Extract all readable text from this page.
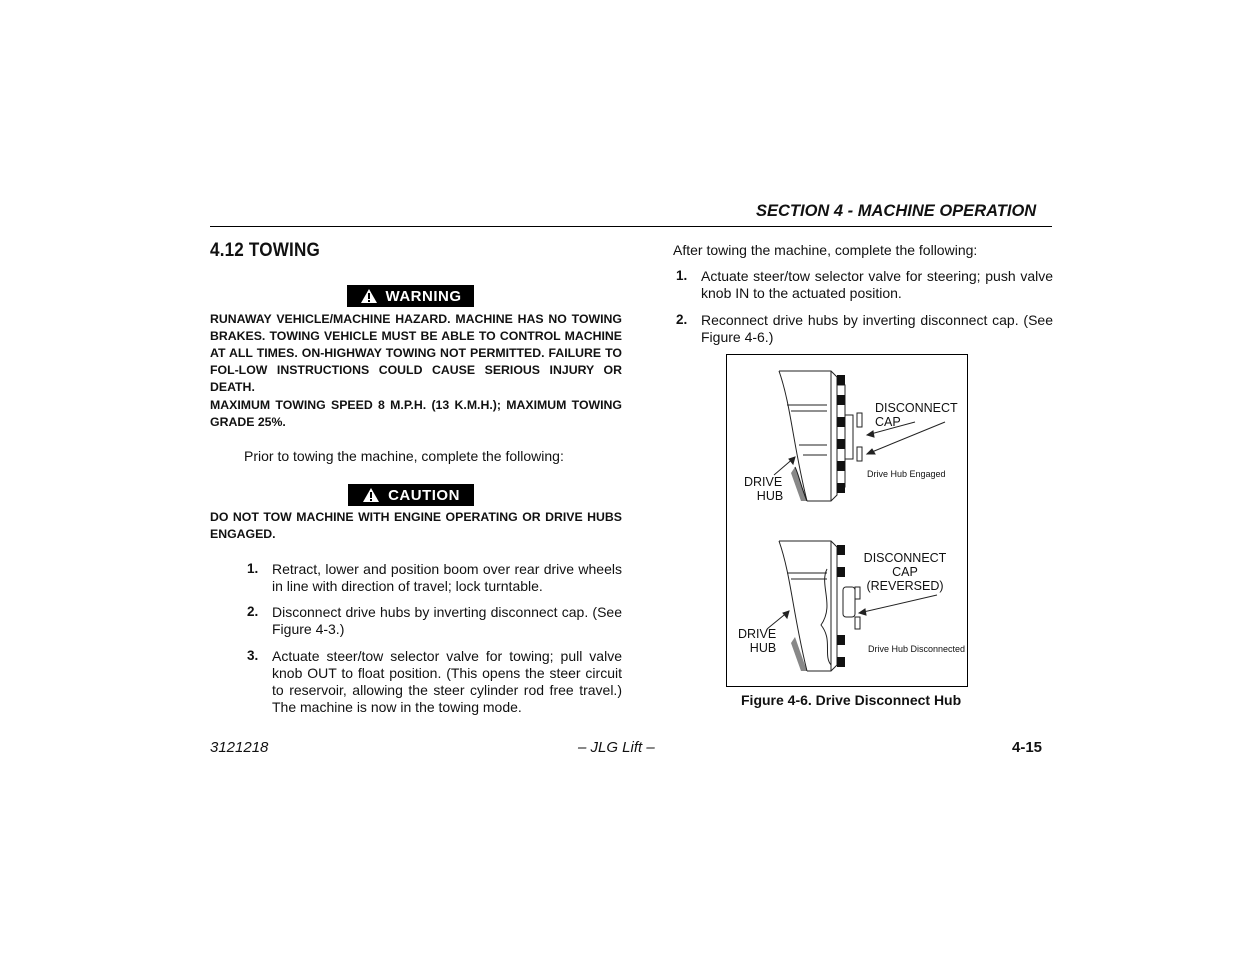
SECTION 4 - MACHINE OPERATION
4.12 TOWING
WARNING
RUNAWAY VEHICLE/MACHINE HAZARD. MACHINE HAS NO TOWING BRAKES. TOWING VEHICLE MUST BE ABLE TO CONTROL MACHINE AT ALL TIMES. ON-HIGHWAY TOWING NOT PERMITTED. FAILURE TO FOL-LOW INSTRUCTIONS COULD CAUSE SERIOUS INJURY OR DEATH.
MAXIMUM TOWING SPEED 8 M.P.H. (13 K.M.H.); MAXIMUM TOWING GRADE 25%.
Prior to towing the machine, complete the following:
CAUTION
DO NOT TOW MACHINE WITH ENGINE OPERATING OR DRIVE HUBS ENGAGED.
1. Retract, lower and position boom over rear drive wheels in line with direction of travel; lock turntable.
2. Disconnect drive hubs by inverting disconnect cap. (See Figure 4-3.)
3. Actuate steer/tow selector valve for towing; pull valve knob OUT to float position. (This opens the steer circuit to reservoir, allowing the steer cylinder rod free travel.) The machine is now in the towing mode.
After towing the machine, complete the following:
1. Actuate steer/tow selector valve for steering; push valve knob IN to the actuated position.
2. Reconnect drive hubs by inverting disconnect cap. (See Figure 4-6.)
DISCONNECT
CAP
Drive Hub Engaged
DRIVE
HUB
DISCONNECT
CAP
(REVERSED)
Drive Hub Disconnected
DRIVE
HUB
Figure 4-6. Drive Disconnect Hub
3121218	– JLG Lift –	4-15
